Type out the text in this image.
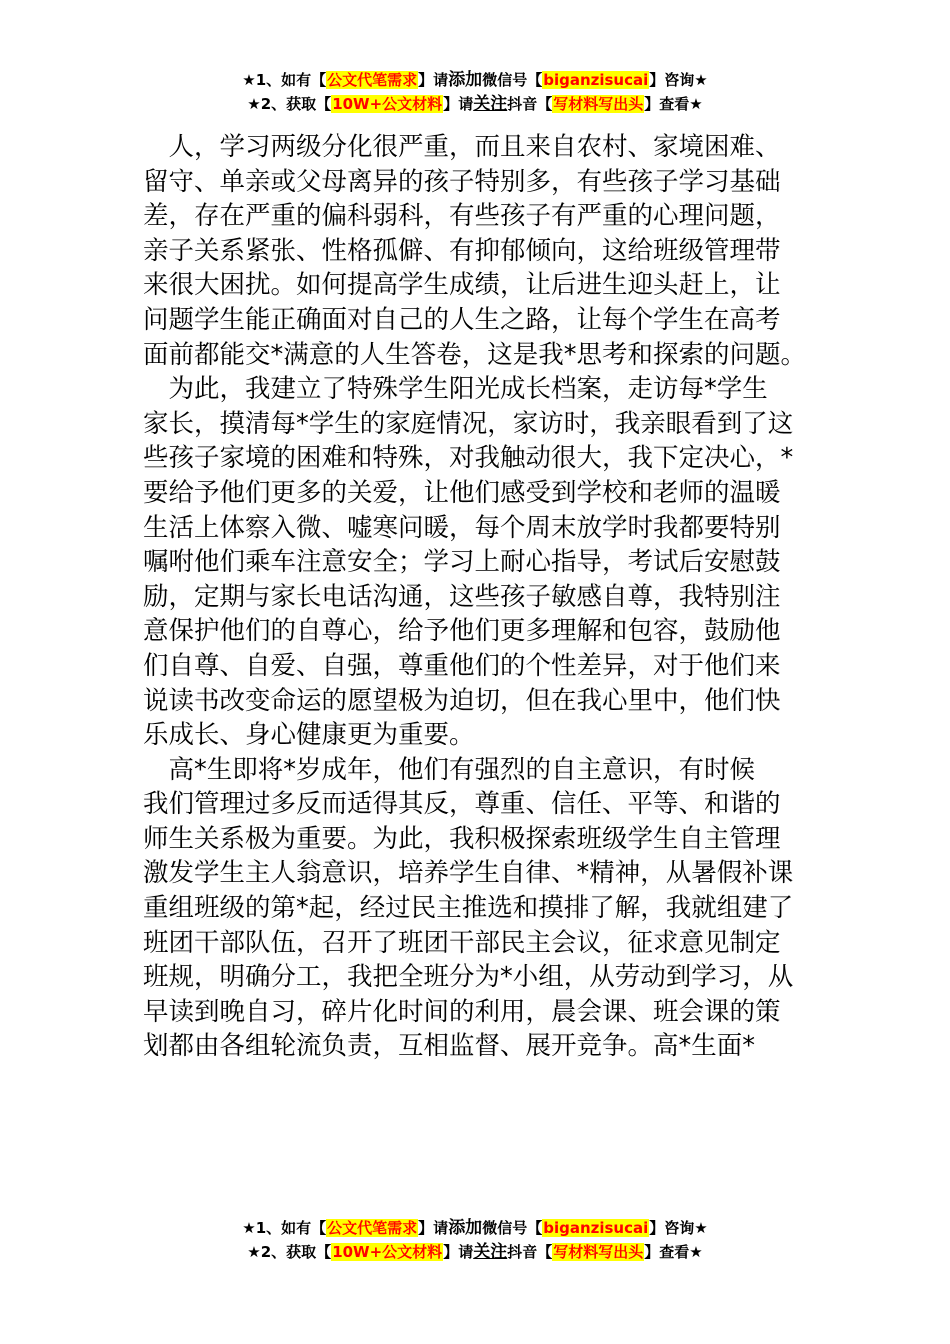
★1、如有【公文代笔需求】请添加微信号【biganzisucai】咨询★
★2、获取【10W+公文材料】请关注抖音【写材料写出头】查看★
　人，学习两级分化很严重，而且来自农村、家境困难、
留守、单亲或父母离异的孩子特别多，有些孩子学习基础
差，存在严重的偏科弱科，有些孩子有严重的心理问题，
亲子关系紧张、性格孤僻、有抑郁倾向，这给班级管理带
来很大困扰。如何提高学生成绩，让后进生迎头赶上，让
问题学生能正确面对自己的人生之路，让每个学生在高考
面前都能交*满意的人生答卷，这是我*思考和探索的问题。
　为此，我建立了特殊学生阳光成长档案，走访每*学生
家长，摸清每*学生的家庭情况，家访时，我亲眼看到了这
些孩子家境的困难和特殊，对我触动很大，我下定决心，*
要给予他们更多的关爱，让他们感受到学校和老师的温暖
生活上体察入微、嘘寒问暖，每个周末放学时我都要特别
嘱咐他们乘车注意安全；学习上耐心指导，考试后安慰鼓
励，定期与家长电话沟通，这些孩子敏感自尊，我特别注
意保护他们的自尊心，给予他们更多理解和包容，鼓励他
们自尊、自爱、自强，尊重他们的个性差异，对于他们来
说读书改变命运的愿望极为迫切，但在我心里中，他们快
乐成长、身心健康更为重要。
　高*生即将*岁成年，他们有强烈的自主意识，有时候
我们管理过多反而适得其反，尊重、信任、平等、和谐的
师生关系极为重要。为此，我积极探索班级学生自主管理
激发学生主人翁意识，培养学生自律、*精神，从暑假补课
重组班级的第*起，经过民主推选和摸排了解，我就组建了
班团干部队伍，召开了班团干部民主会议，征求意见制定
班规，明确分工，我把全班分为*小组，从劳动到学习，从
早读到晚自习，碎片化时间的利用，晨会课、班会课的策
划都由各组轮流负责，互相监督、展开竞争。高*生面*
★1、如有【公文代笔需求】请添加微信号【biganzisucai】咨询★
★2、获取【10W+公文材料】请关注抖音【写材料写出头】查看★
